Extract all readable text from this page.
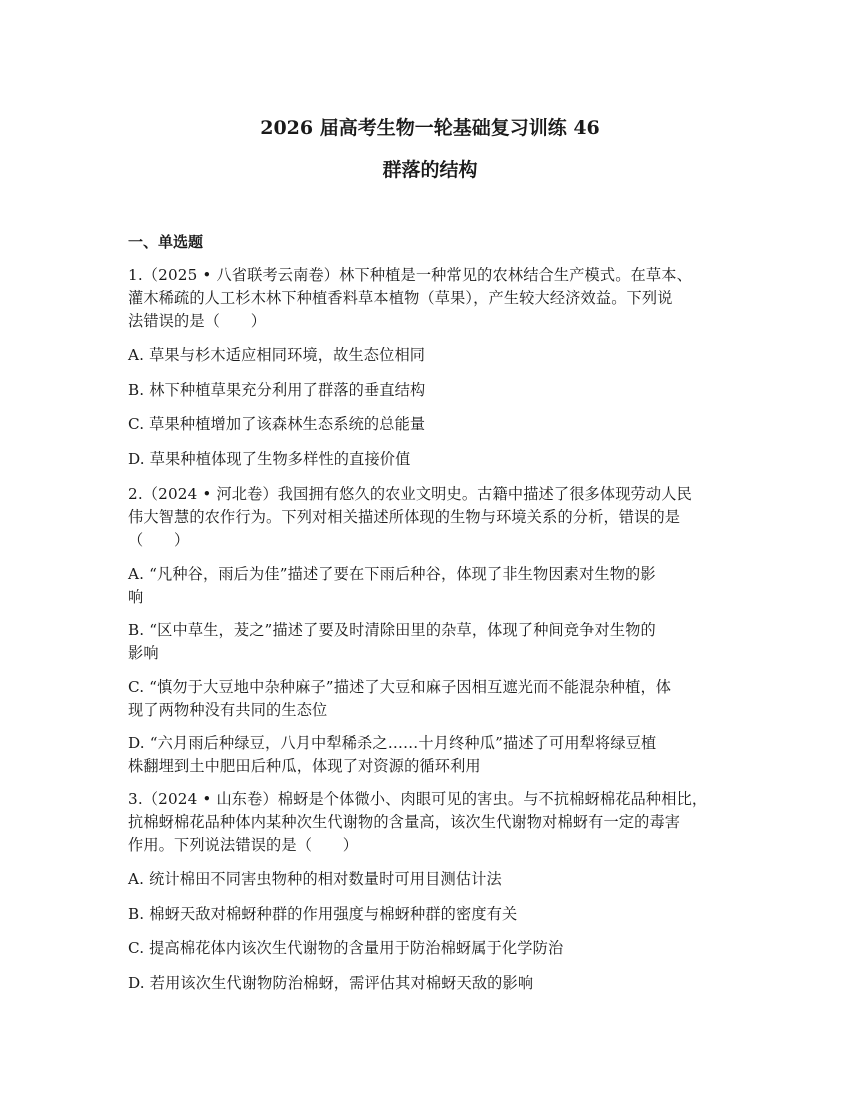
2026 届高考生物一轮基础复习训练 46
群落的结构
一、单选题
1.（2025 • 八省联考云南卷）林下种植是一种常见的农林结合生产模式。在草本、
灌木稀疏的人工杉木林下种植香料草本植物（草果），产生较大经济效益。下列说
法错误的是（　　）
A. 草果与杉木适应相同环境，故生态位相同
B. 林下种植草果充分利用了群落的垂直结构
C. 草果种植增加了该森林生态系统的总能量
D. 草果种植体现了生物多样性的直接价值
2.（2024 • 河北卷）我国拥有悠久的农业文明史。古籍中描述了很多体现劳动人民
伟大智慧的农作行为。下列对相关描述所体现的生物与环境关系的分析，错误的是
（　　）
A. “凡种谷，雨后为佳”描述了要在下雨后种谷，体现了非生物因素对生物的影
响
B. “区中草生，茇之”描述了要及时清除田里的杂草，体现了种间竞争对生物的
影响
C. “慎勿于大豆地中杂种麻子”描述了大豆和麻子因相互遮光而不能混杂种植，体
现了两物种没有共同的生态位
D. “六月雨后种绿豆，八月中犁稀杀之……十月终种瓜”描述了可用犁将绿豆植
株翻埋到土中肥田后种瓜，体现了对资源的循环利用
3.（2024 • 山东卷）棉蚜是个体微小、肉眼可见的害虫。与不抗棉蚜棉花品种相比，
抗棉蚜棉花品种体内某种次生代谢物的含量高，该次生代谢物对棉蚜有一定的毒害
作用。下列说法错误的是（　　）
A. 统计棉田不同害虫物种的相对数量时可用目测估计法
B. 棉蚜天敌对棉蚜种群的作用强度与棉蚜种群的密度有关
C. 提高棉花体内该次生代谢物的含量用于防治棉蚜属于化学防治
D. 若用该次生代谢物防治棉蚜，需评估其对棉蚜天敌的影响
